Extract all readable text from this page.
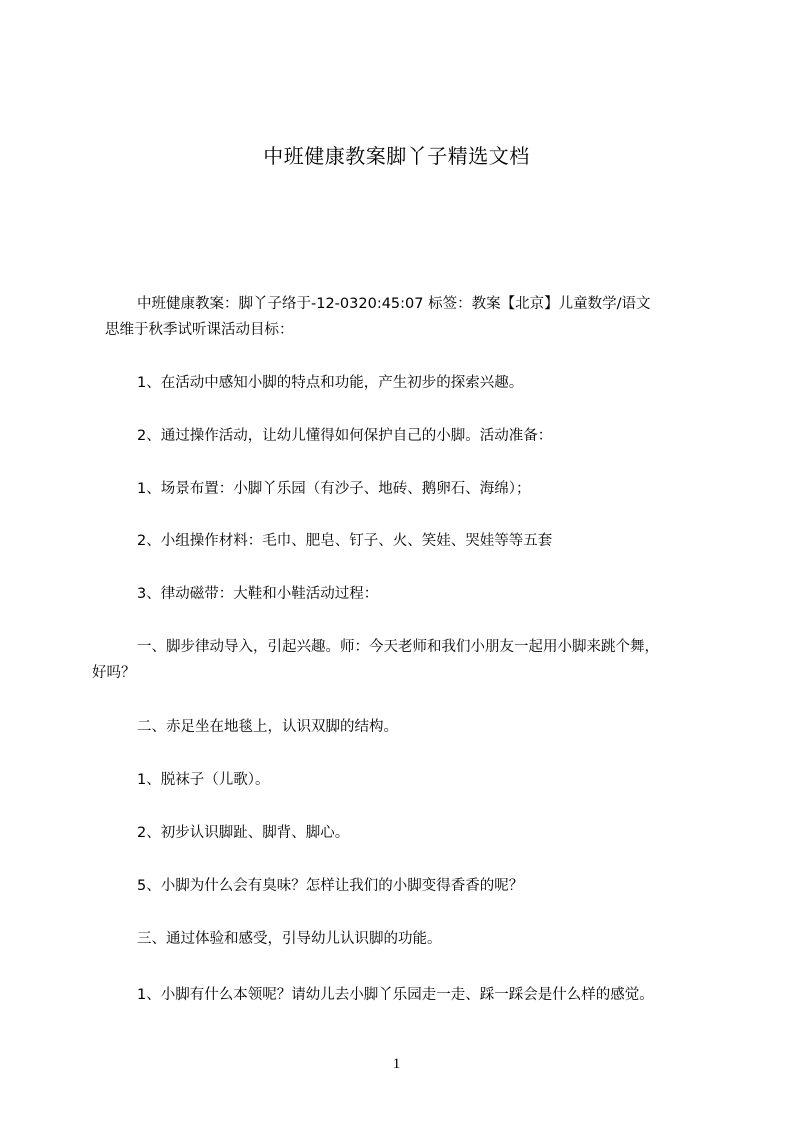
中班健康教案脚丫子精选文档
中班健康教案：脚丫子络于-12-0320:45:07 标签：教案【北京】儿童数学/语文
思维于秋季试听课活动目标：
1、在活动中感知小脚的特点和功能，产生初步的探索兴趣。
2、通过操作活动，让幼儿懂得如何保护自己的小脚。活动准备：
1、场景布置：小脚丫乐园（有沙子、地砖、鹅卵石、海绵）；
2、小组操作材料：毛巾、肥皂、钉子、火、笑娃、哭娃等等五套
3、律动磁带：大鞋和小鞋活动过程：
一、脚步律动导入，引起兴趣。师：今天老师和我们小朋友一起用小脚来跳个舞，
好吗？
二、赤足坐在地毯上，认识双脚的结构。
1、脱袜子（儿歌）。
2、初步认识脚趾、脚背、脚心。
5、小脚为什么会有臭味？怎样让我们的小脚变得香香的呢？
三、通过体验和感受，引导幼儿认识脚的功能。
1、小脚有什么本领呢？请幼儿去小脚丫乐园走一走、踩一踩会是什么样的感觉。
1
